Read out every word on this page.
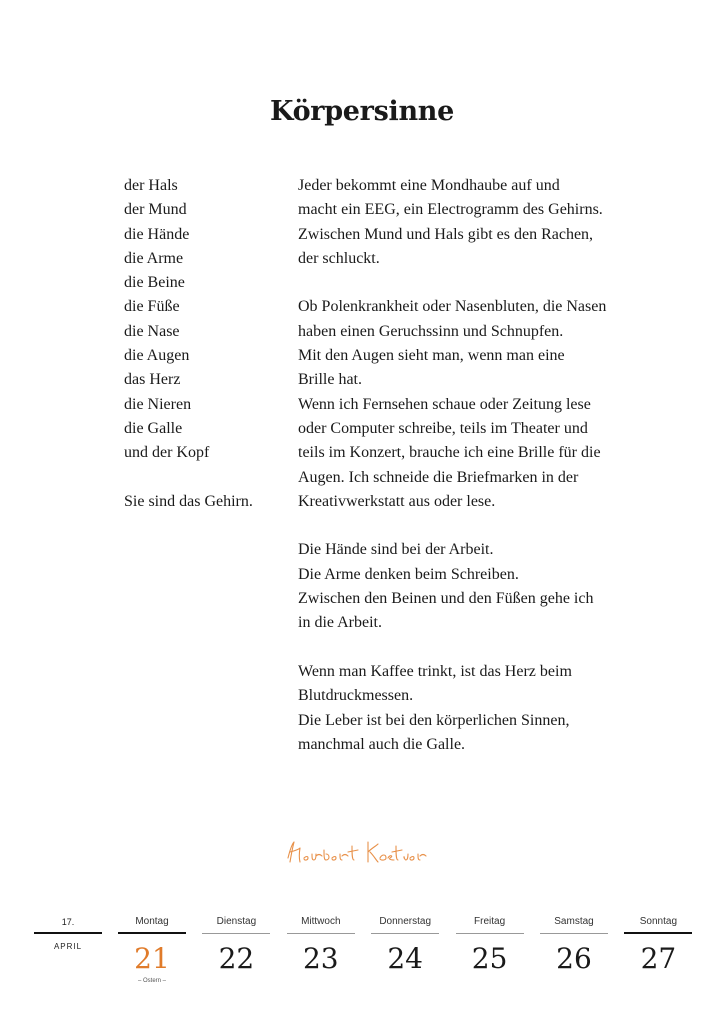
Körpersinne
der Hals
der Mund
die Hände
die Arme
die Beine
die Füße
die Nase
die Augen
das Herz
die Nieren
die Galle
und der Kopf
Sie sind das Gehirn.
Jeder bekommt eine Mondhaube auf und
macht ein EEG, ein Electrogramm des Gehirns.
Zwischen Mund und Hals gibt es den Rachen,
der schluckt.
Ob Polenkrankheit oder Nasenbluten, die Nasen
haben einen Geruchssinn und Schnupfen.
Mit den Augen sieht man, wenn man eine
Brille hat.
Wenn ich Fernsehen schaue oder Zeitung lese
oder Computer schreibe, teils im Theater und
teils im Konzert, brauche ich eine Brille für die
Augen. Ich schneide die Briefmarken in der
Kreativwerkstatt aus oder lese.
Die Hände sind bei der Arbeit.
Die Arme denken beim Schreiben.
Zwischen den Beinen und den Füßen gehe ich
in die Arbeit.
Wenn man Kaffee trinkt, ist das Herz beim
Blutdruckmessen.
Die Leber ist bei den körperlichen Sinnen,
manchmal auch die Galle.
17.
APRIL
Montag
21
– Ostern –
Dienstag
22
Mittwoch
23
Donnerstag
24
Freitag
25
Samstag
26
Sonntag
27
